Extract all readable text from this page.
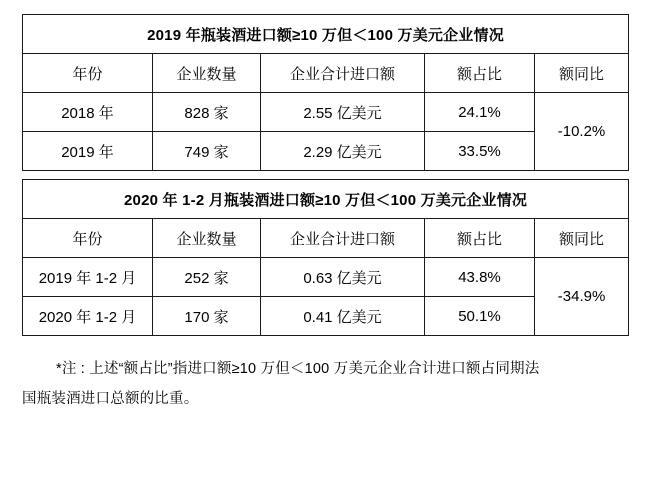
2019 年瓶装酒进口额≥10 万但＜100 万美元企业情况				
年份	企业数量	企业合计进口额	额占比	额同比
2018 年	828 家	2.55 亿美元	24.1%	-10.2%
2019 年	749 家	2.29 亿美元	33.5%	
2020 年 1-2 月瓶装酒进口额≥10 万但＜100 万美元企业情况				
年份	企业数量	企业合计进口额	额占比	额同比
2019 年 1-2 月	252 家	0.63 亿美元	43.8%	-34.9%
2020 年 1-2 月	170 家	0.41 亿美元	50.1%	
*注 : 上述“额占比”指进口额≥10 万但＜100 万美元企业合计进口额占同期法
国瓶装酒进口总额的比重。
